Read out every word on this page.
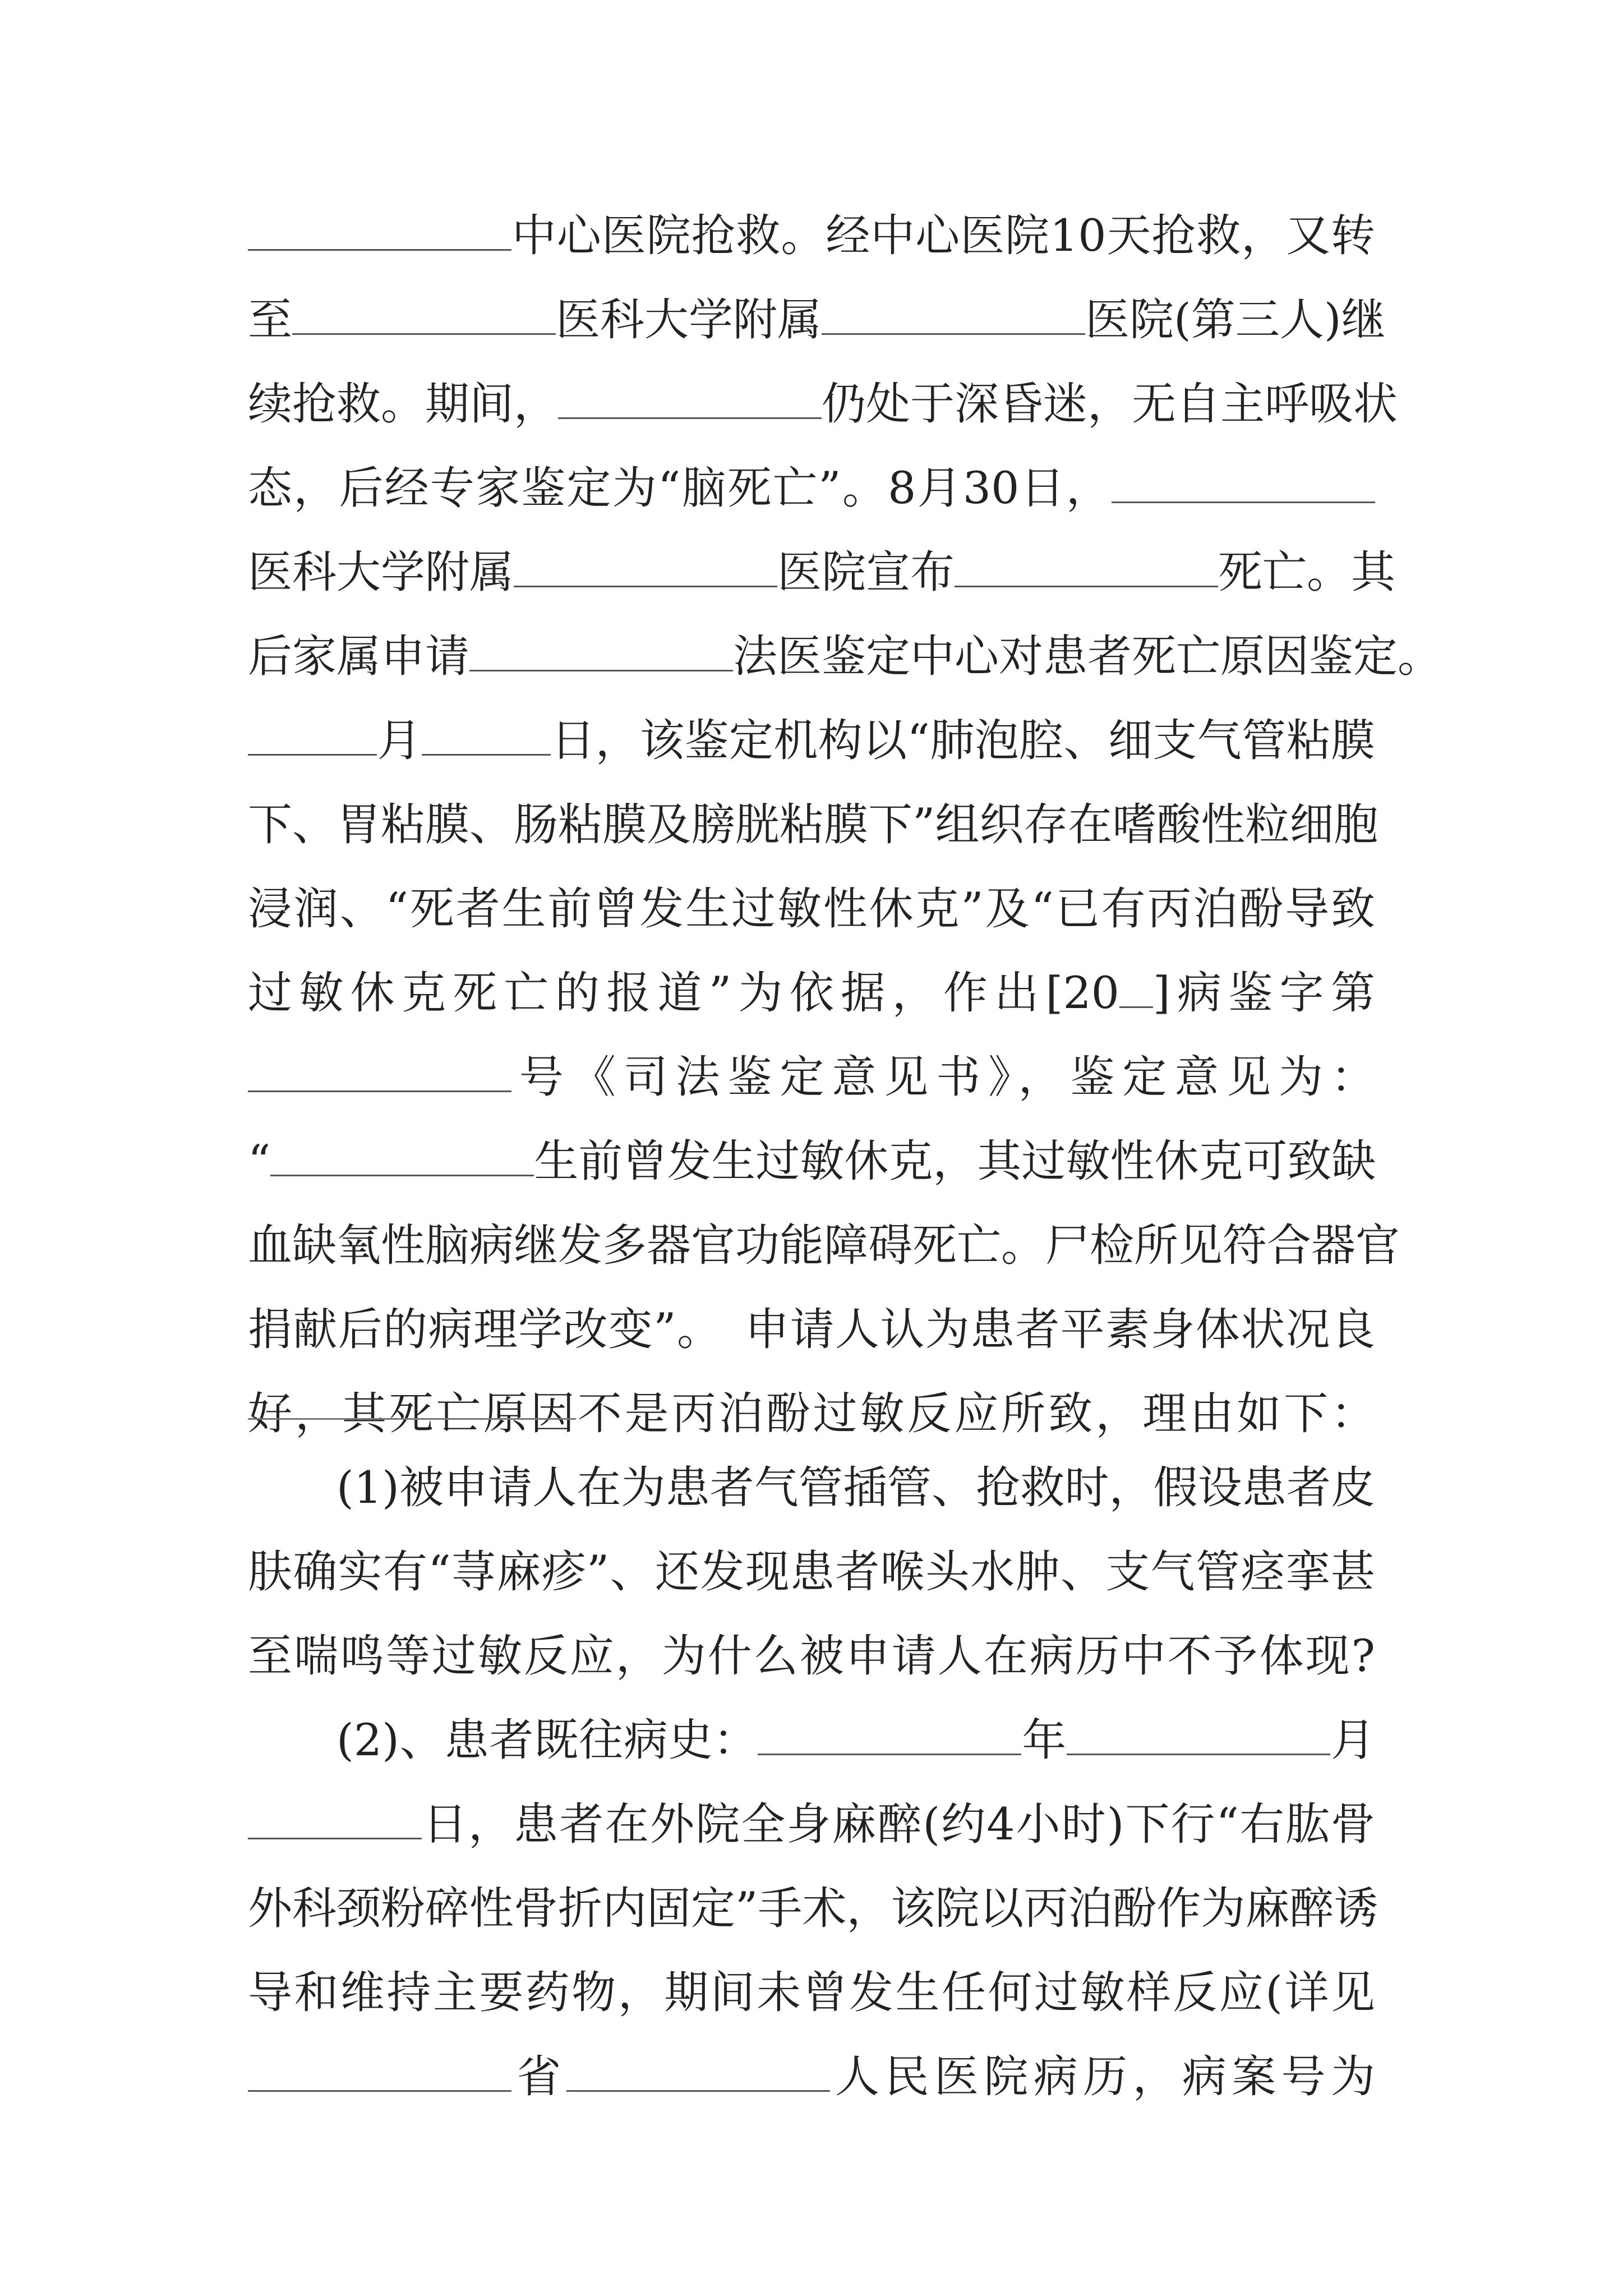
中心医院抢救。经中心医院10天抢救，又转
至	医科大学附属	医院(第三人)继
续抢救。期间，	仍处于深昏迷，无自主呼吸状
态，后经专家鉴定为“脑死亡”。8月30日，
医科大学附属	医院宣布	死亡。其
后家属申请	法医鉴定中心对患者死亡原因鉴定。
月	日，该鉴定机构以“肺泡腔、细支气管粘膜
下、胃粘膜、肠粘膜及膀胱粘膜下”组织存在嗜酸性粒细胞
浸润、“死者生前曾发生过敏性休克”及“已有丙泊酚导致
过敏休克死亡的报道”为依据，作出[20 ]病鉴字第
号《司法鉴定意见书》，鉴定意见为：
“	生前曾发生过敏休克，其过敏性休克可致缺
血缺氧性脑病继发多器官功能障碍死亡。尸检所见符合器官
捐献后的病理学改变”。　申请人认为患者平素身体状况良
好，其死亡原因不是丙泊酚过敏反应所致，理由如下：
(1)被申请人在为患者气管插管、抢救时，假设患者皮
肤确实有“荨麻疹”、还发现患者喉头水肿、支气管痉挛甚
至喘鸣等过敏反应，为什么被申请人在病历中不予体现?
(2)、患者既往病史：	年	月
日，患者在外院全身麻醉(约4小时)下行“右肱骨
外科颈粉碎性骨折内固定”手术，该院以丙泊酚作为麻醉诱
导和维持主要药物，期间未曾发生任何过敏样反应(详见
省	人民医院病历，病案号为
